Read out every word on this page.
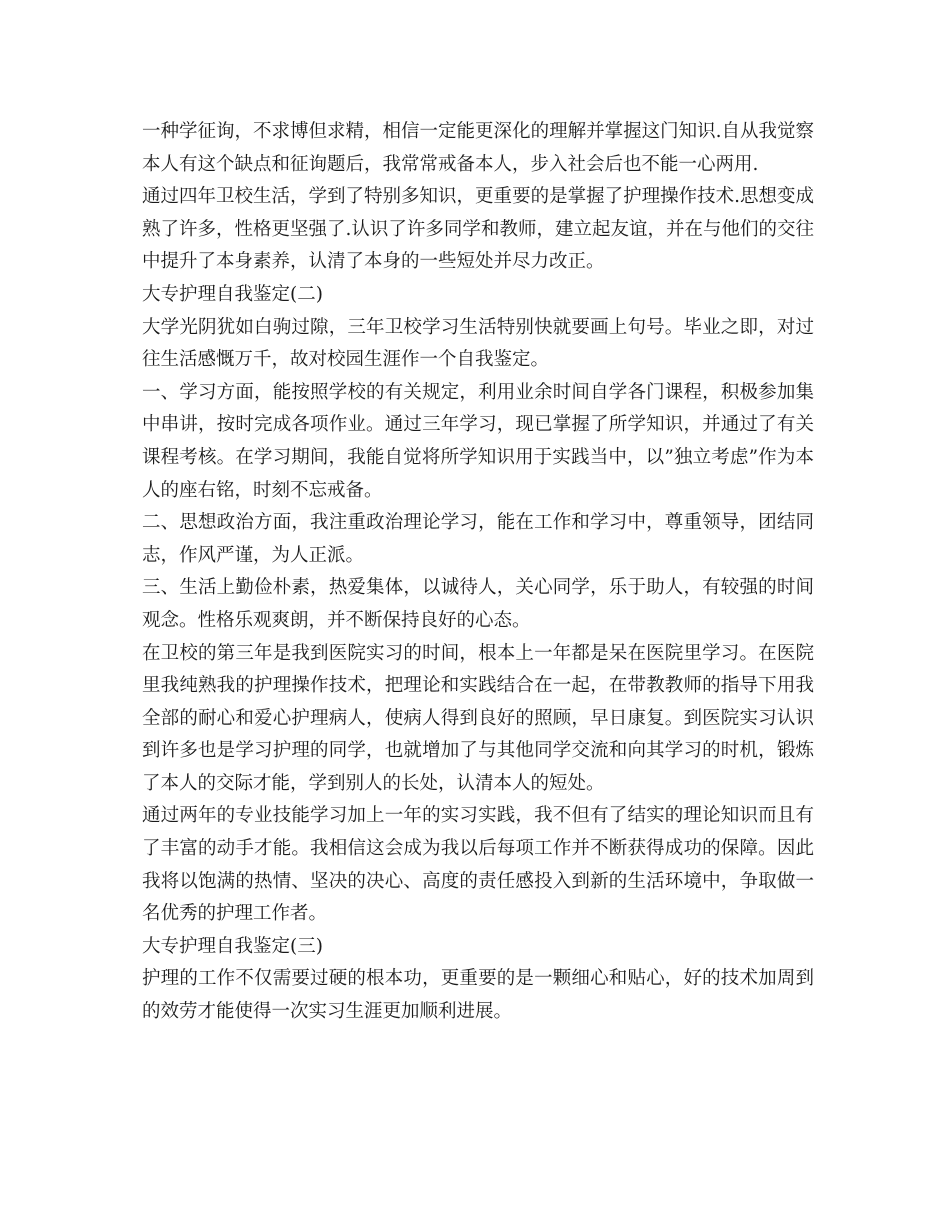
一种学征询，不求博但求精，相信一定能更深化的理解并掌握这门知识.自从我觉察本人有这个缺点和征询题后，我常常戒备本人，步入社会后也不能一心两用.

通过四年卫校生活，学到了特别多知识，更重要的是掌握了护理操作技术.思想变成熟了许多，性格更坚强了.认识了许多同学和教师，建立起友谊，并在与他们的交往中提升了本身素养，认清了本身的一些短处并尽力改正。

大专护理自我鉴定(二)

大学光阴犹如白驹过隙，三年卫校学习生活特别快就要画上句号。毕业之即，对过往生活感慨万千，故对校园生涯作一个自我鉴定。

一、学习方面，能按照学校的有关规定，利用业余时间自学各门课程，积极参加集中串讲，按时完成各项作业。通过三年学习，现已掌握了所学知识，并通过了有关课程考核。在学习期间，我能自觉将所学知识用于实践当中，以”独立考虑”作为本人的座右铭，时刻不忘戒备。

二、思想政治方面，我注重政治理论学习，能在工作和学习中，尊重领导，团结同志，作风严谨，为人正派。

三、生活上勤俭朴素，热爱集体，以诚待人，关心同学，乐于助人，有较强的时间观念。性格乐观爽朗，并不断保持良好的心态。

在卫校的第三年是我到医院实习的时间，根本上一年都是呆在医院里学习。在医院里我纯熟我的护理操作技术，把理论和实践结合在一起，在带教教师的指导下用我全部的耐心和爱心护理病人，使病人得到良好的照顾，早日康复。到医院实习认识到许多也是学习护理的同学，也就增加了与其他同学交流和向其学习的时机，锻炼了本人的交际才能，学到别人的长处，认清本人的短处。

通过两年的专业技能学习加上一年的实习实践，我不但有了结实的理论知识而且有了丰富的动手才能。我相信这会成为我以后每项工作并不断获得成功的保障。因此我将以饱满的热情、坚决的决心、高度的责任感投入到新的生活环境中，争取做一名优秀的护理工作者。

大专护理自我鉴定(三)

护理的工作不仅需要过硬的根本功，更重要的是一颗细心和贴心，好的技术加周到的效劳才能使得一次实习生涯更加顺利进展。
